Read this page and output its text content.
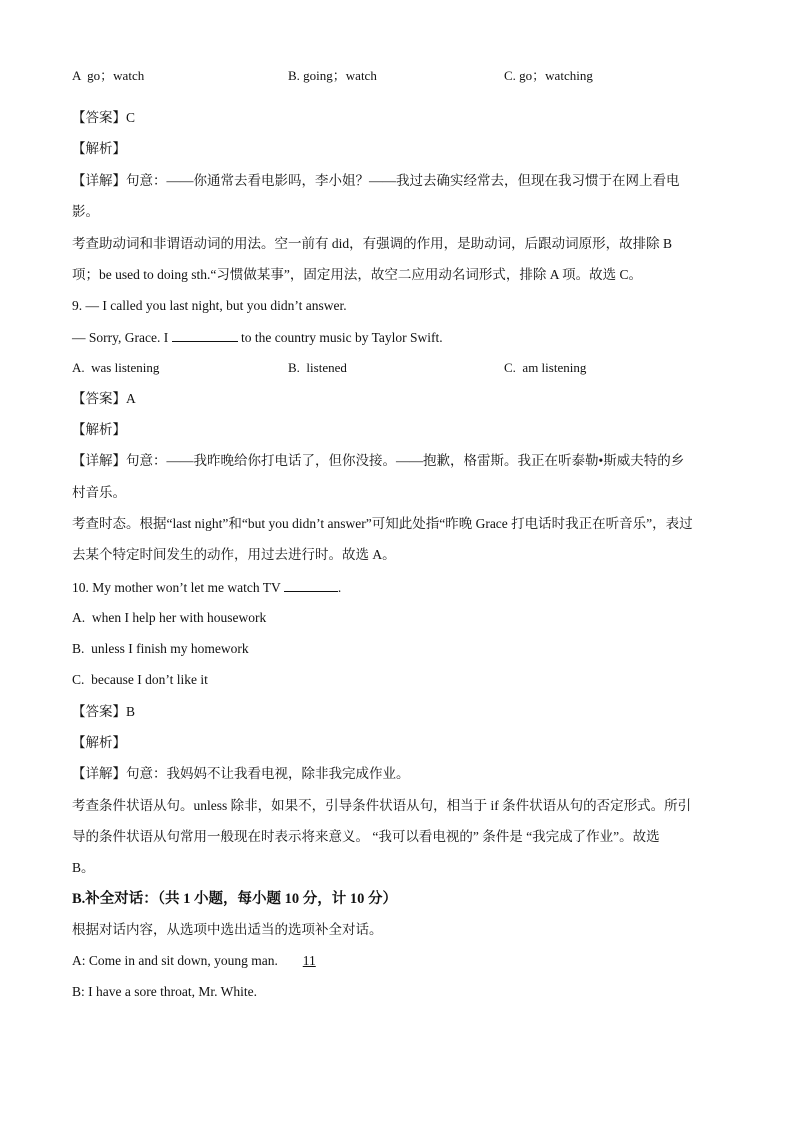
A go；watch	B. going；watch	C. go；watching
【答案】C
【解析】
【详解】句意：——你通常去看电影吗，李小姐？——我过去确实经常去，但现在我习惯于在网上看电
影。
考查助动词和非谓语动词的用法。空一前有 did，有强调的作用，是助动词，后跟动词原形，故排除 B
项；be used to doing sth.“习惯做某事”，固定用法，故空二应用动名词形式，排除 A 项。故选 C。
9. — I called you last night, but you didn’t answer.
— Sorry, Grace. I	to the country music by Taylor Swift.
A. was listening	B. listened	C. am listening
【答案】A
【解析】
【详解】句意：——我昨晚给你打电话了，但你没接。——抱歉，格雷斯。我正在听泰勒•斯威夫特的乡
村音乐。
考查时态。根据“last night”和“but you didn’t answer”可知此处指“昨晚 Grace 打电话时我正在听音乐”，表过
去某个特定时间发生的动作，用过去进行时。故选 A。
10. My mother won’t let me watch TV	.
A. when I help her with housework
B. unless I finish my homework
C. because I don’t like it
【答案】B
【解析】
【详解】句意：我妈妈不让我看电视，除非我完成作业。
考查条件状语从句。unless 除非，如果不，引导条件状语从句，相当于 if 条件状语从句的否定形式。所引
导的条件状语从句常用一般现在时表示将来意义。 “我可以看电视的” 条件是 “我完成了作业”。故选
B。
B.补全对话：（共 1 小题，每小题 10 分，计 10 分）
根据对话内容，从选项中选出适当的选项补全对话。
A: Come in and sit down, young man. 11
B: I have a sore throat, Mr. White.
